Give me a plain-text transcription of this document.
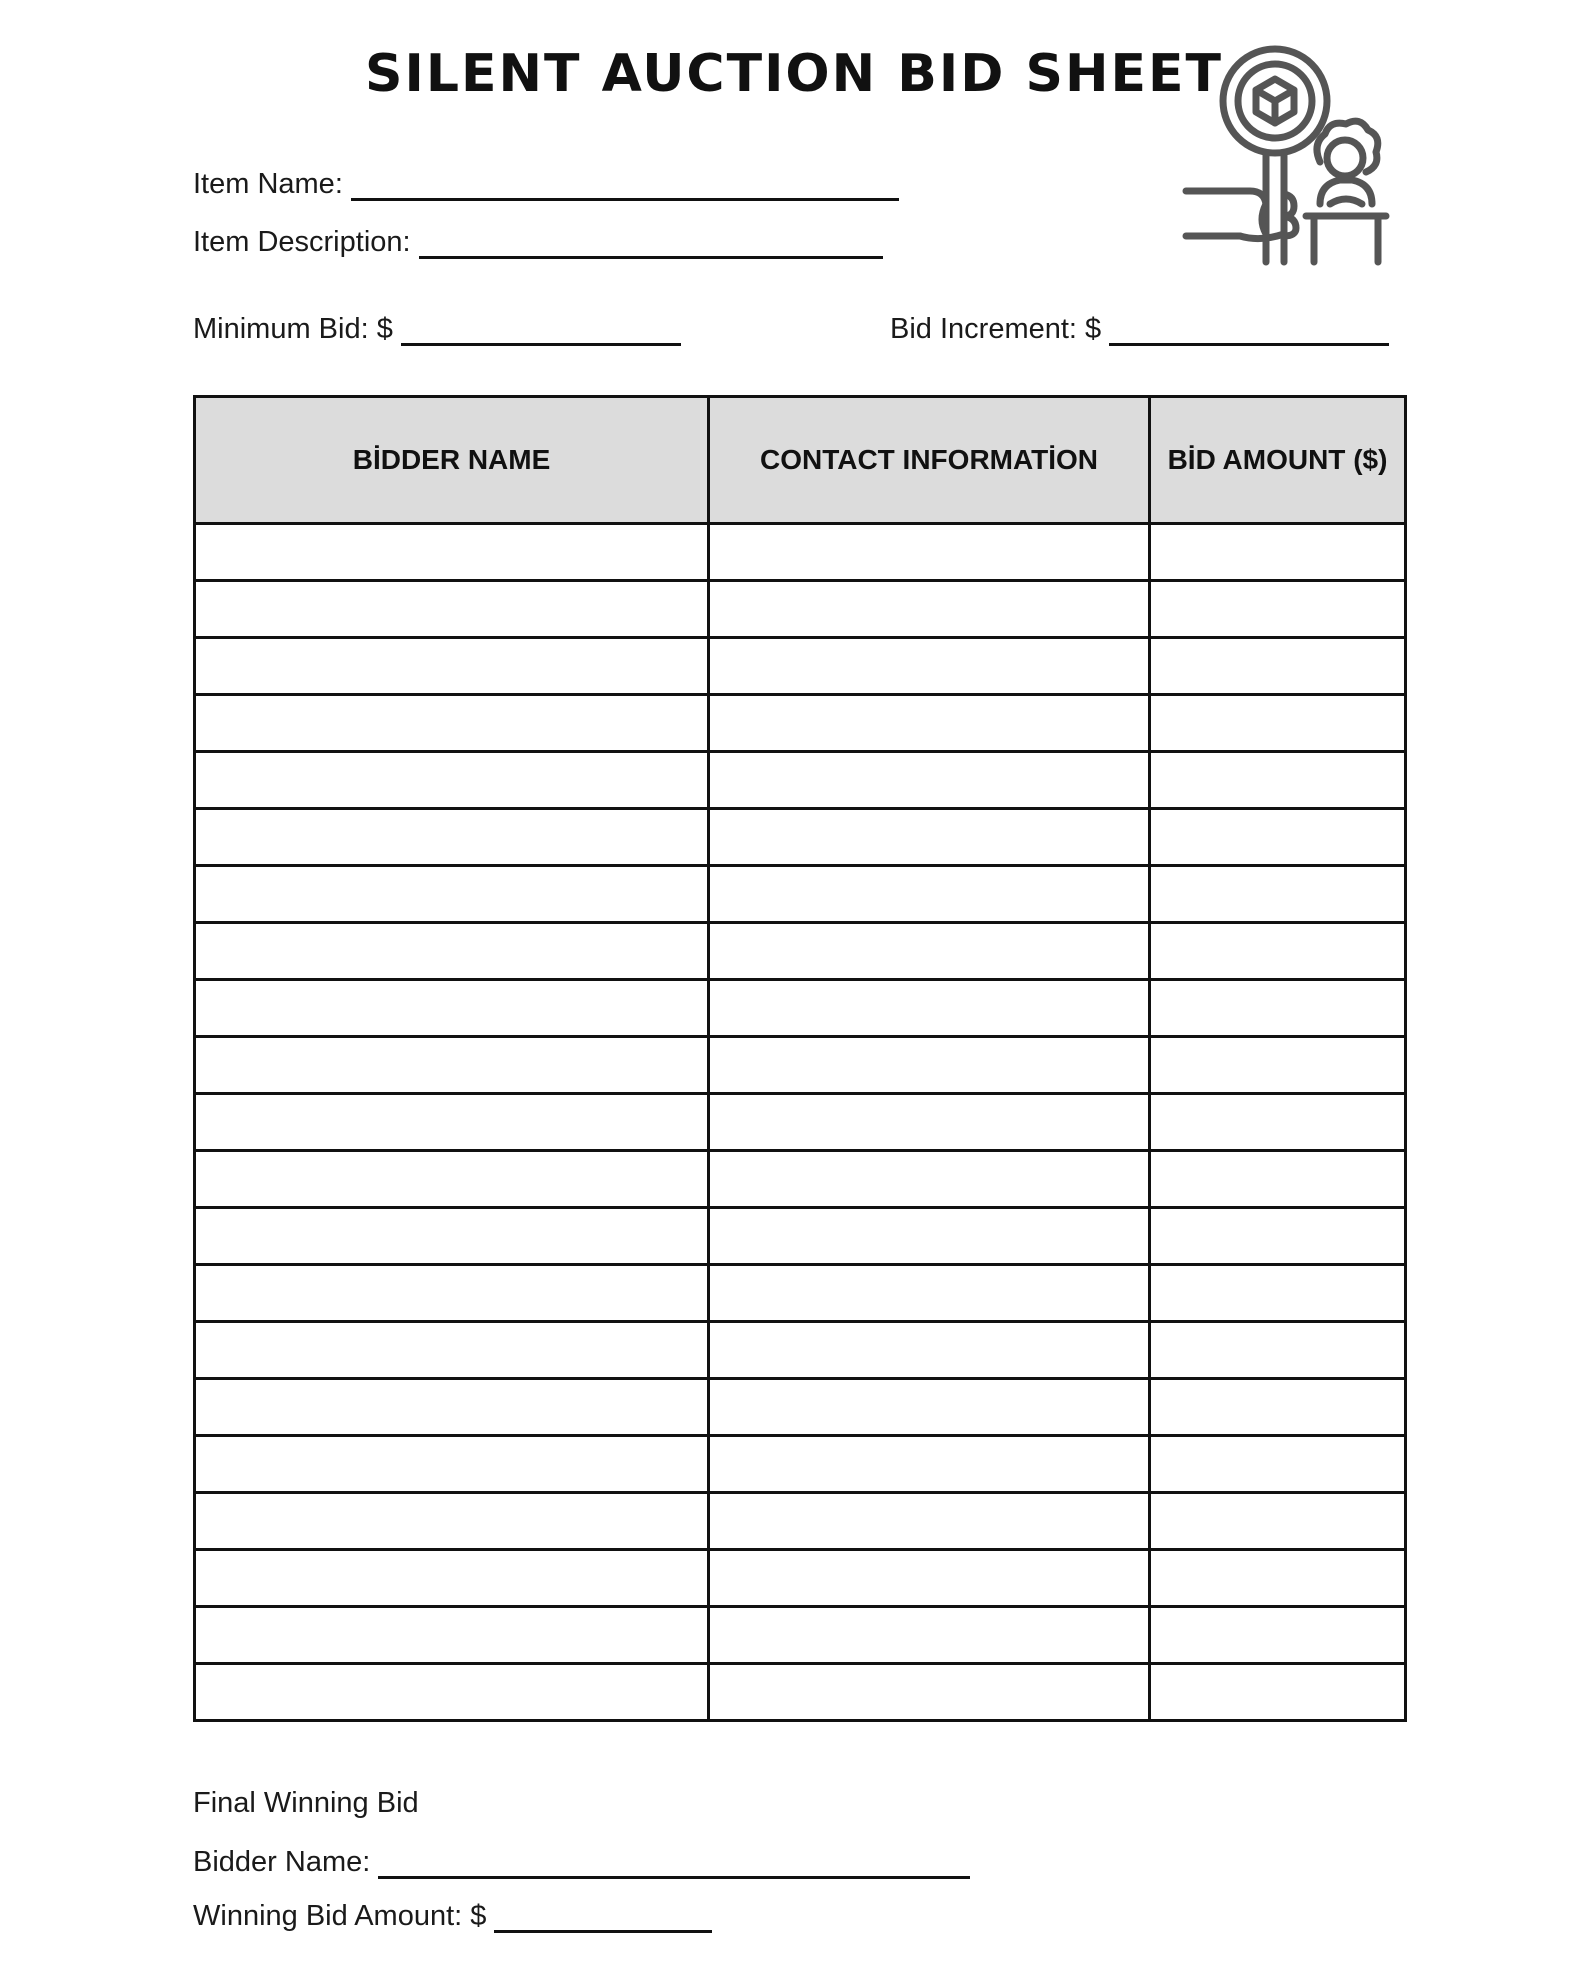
SILENT AUCTION BID SHEET
Item Name:
Item Description:
Minimum Bid: $	Bid Increment: $
BİDDER NAME	CONTACT INFORMATİON	BİD AMOUNT ($)

Final Winning Bid
Bidder Name:
Winning Bid Amount: $
